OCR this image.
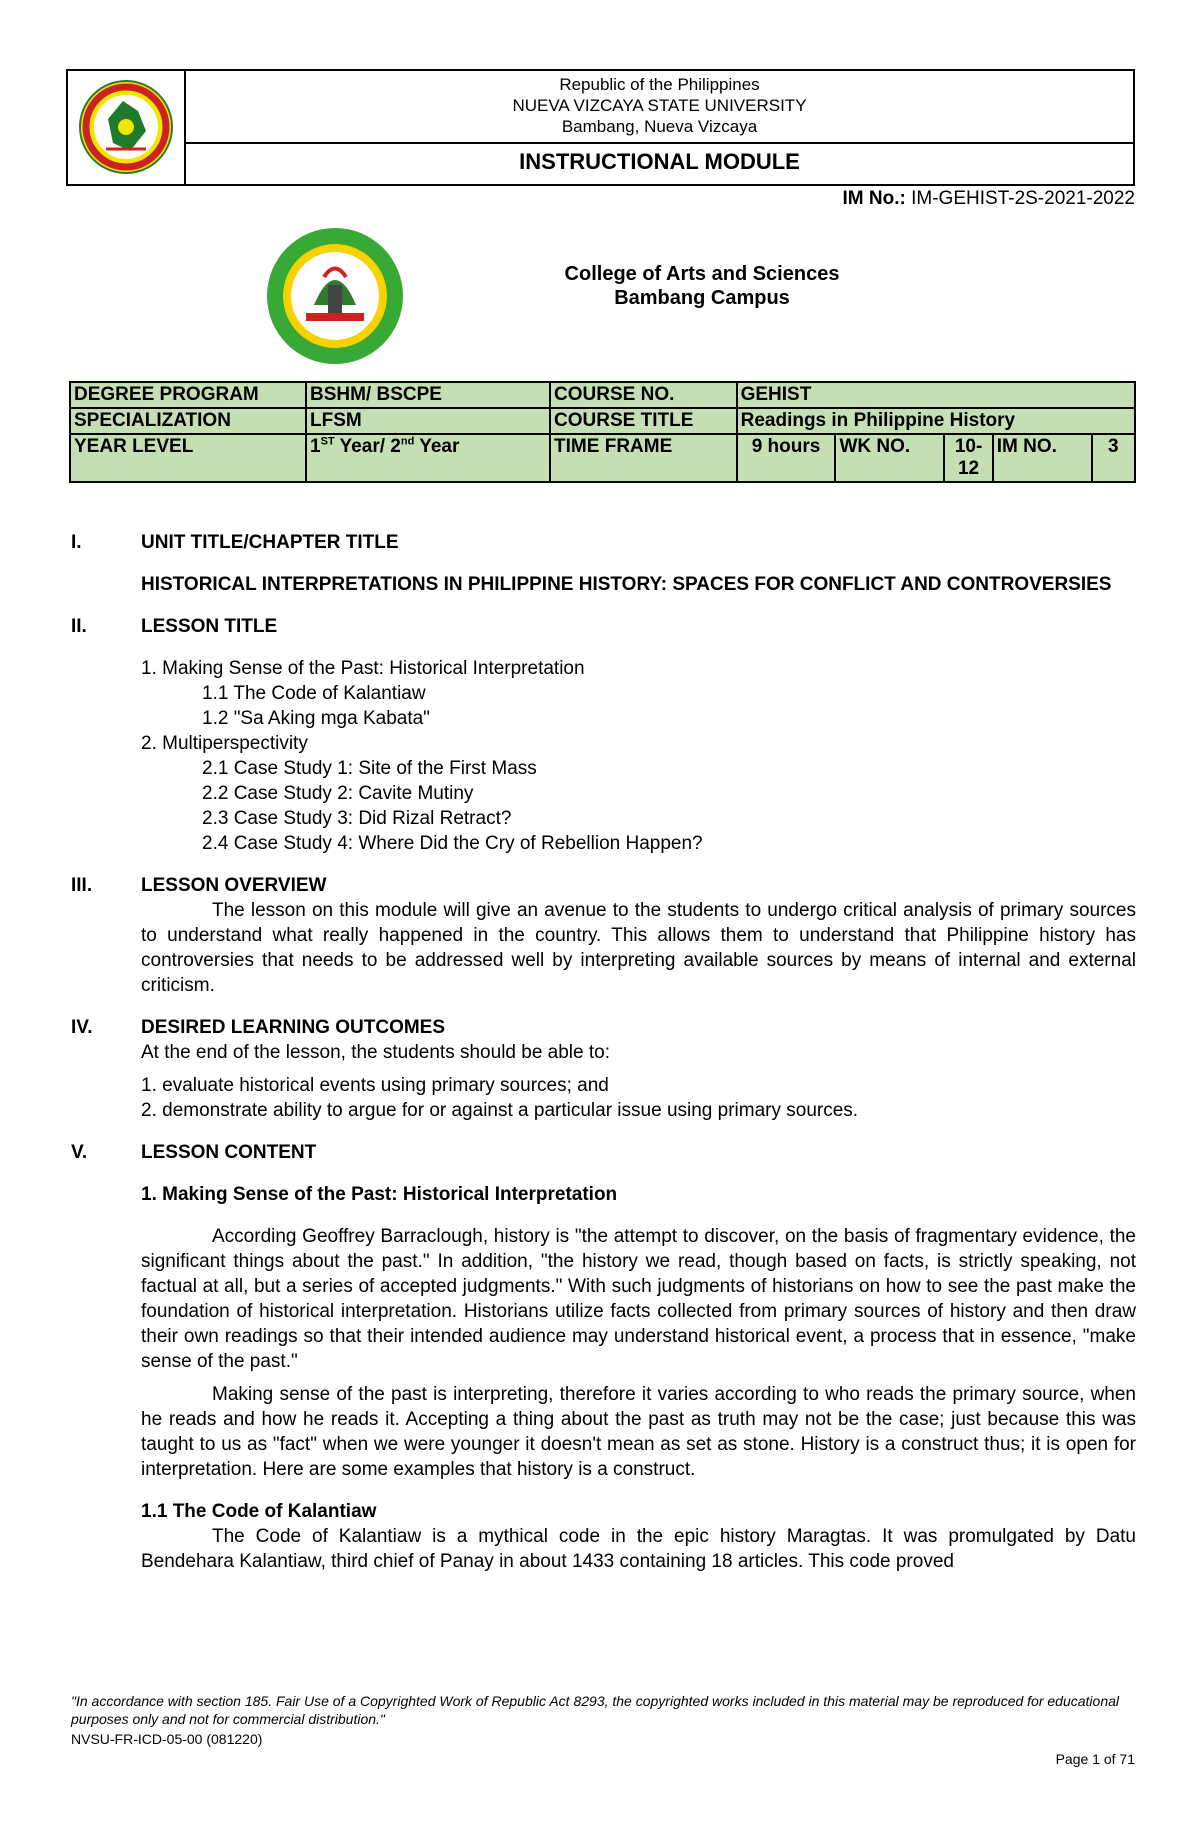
Republic of the Philippines
NUEVA VIZCAYA STATE UNIVERSITY
Bambang, Nueva Vizcaya
INSTRUCTIONAL MODULE
IM No.: IM-GEHIST-2S-2021-2022
College of Arts and Sciences
Bambang Campus
DEGREE PROGRAM	BSHM/ BSCPE	COURSE NO.	GEHIST				
SPECIALIZATION	LFSM	COURSE TITLE	Readings in Philippine History				
YEAR LEVEL	1ST Year/ 2nd Year	TIME FRAME	9 hours	WK NO.	10-12	IM NO.	3
I.	UNIT TITLE/CHAPTER TITLE
HISTORICAL INTERPRETATIONS IN PHILIPPINE HISTORY: SPACES FOR CONFLICT AND CONTROVERSIES
II.	LESSON TITLE
1. Making Sense of the Past: Historical Interpretation
1.1 The Code of Kalantiaw
1.2 "Sa Aking mga Kabata"
2. Multiperspectivity
2.1 Case Study 1: Site of the First Mass
2.2 Case Study 2: Cavite Mutiny
2.3 Case Study 3: Did Rizal Retract?
2.4 Case Study 4: Where Did the Cry of Rebellion Happen?
III.	LESSON OVERVIEW

The lesson on this module will give an avenue to the students to undergo critical analysis of primary sources to understand what really happened in the country. This allows them to understand that Philippine history has controversies that needs to be addressed well by interpreting available sources by means of internal and external criticism.

IV.	DESIRED LEARNING OUTCOMES
At the end of the lesson, the students should be able to:
1. evaluate historical events using primary sources; and
2. demonstrate ability to argue for or against a particular issue using primary sources.
V.	LESSON CONTENT
1. Making Sense of the Past: Historical Interpretation

According Geoffrey Barraclough, history is "the attempt to discover, on the basis of fragmentary evidence, the significant things about the past." In addition, "the history we read, though based on facts, is strictly speaking, not factual at all, but a series of accepted judgments." With such judgments of historians on how to see the past make the foundation of historical interpretation. Historians utilize facts collected from primary sources of history and then draw their own readings so that their intended audience may understand historical event, a process that in essence, "make sense of the past."

Making sense of the past is interpreting, therefore it varies according to who reads the primary source, when he reads and how he reads it. Accepting a thing about the past as truth may not be the case; just because this was taught to us as "fact" when we were younger it doesn't mean as set as stone. History is a construct thus; it is open for interpretation. Here are some examples that history is a construct.

1.1 The Code of Kalantiaw

The Code of Kalantiaw is a mythical code in the epic history Maragtas. It was promulgated by Datu Bendehara Kalantiaw, third chief of Panay in about 1433 containing 18 articles. This code proved

"In accordance with section 185. Fair Use of a Copyrighted Work of Republic Act 8293, the copyrighted works included in this material may be reproduced for educational purposes only and not for commercial distribution."
NVSU-FR-ICD-05-00 (081220)
Page 1 of 71
